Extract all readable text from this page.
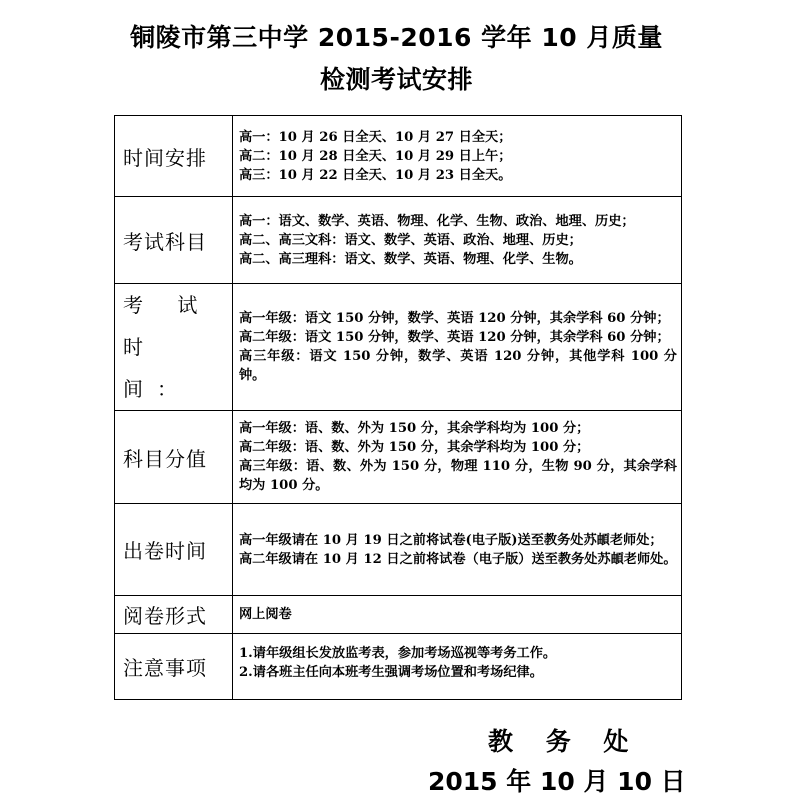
铜陵市第三中学 2015-2016 学年 10 月质量
检测考试安排
时间安排	高一：10 月 26 日全天、10 月 27 日全天；
高二：10 月 28 日全天、10 月 29 日上午；
高三：10 月 22 日全天、10 月 23 日全天。

考试科目	高一：语文、数学、英语、物理、化学、生物、政治、地理、历史；
高二、高三文科：语文、数学、英语、政治、地理、历史；
高二、高三理科：语文、数学、英语、物理、化学、生物。

考 试 时 间：	高一年级：语文 150 分钟，数学、英语 120 分钟，其余学科 60 分钟；
高二年级：语文 150 分钟，数学、英语 120 分钟，其余学科 60 分钟；
高三年级：语文 150 分钟，数学、英语 120 分钟，其他学科 100 分钟。

科目分值	高一年级：语、数、外为 150 分，其余学科均为 100 分；
高二年级：语、数、外为 150 分，其余学科均为 100 分；
高三年级：语、数、外为 150 分，物理 110 分，生物 90 分，其余学科均为 100 分。

出卷时间	高一年级请在 10 月 19 日之前将试卷(电子版)送至教务处苏頔老师处；
高二年级请在 10 月 12 日之前将试卷（电子版）送至教务处苏頔老师处。

阅卷形式	网上阅卷

注意事项	1.请年级组长发放监考表，参加考场巡视等考务工作。
2.请各班主任向本班考生强调考场位置和考场纪律。
教 务 处
2015 年 10 月 10 日
